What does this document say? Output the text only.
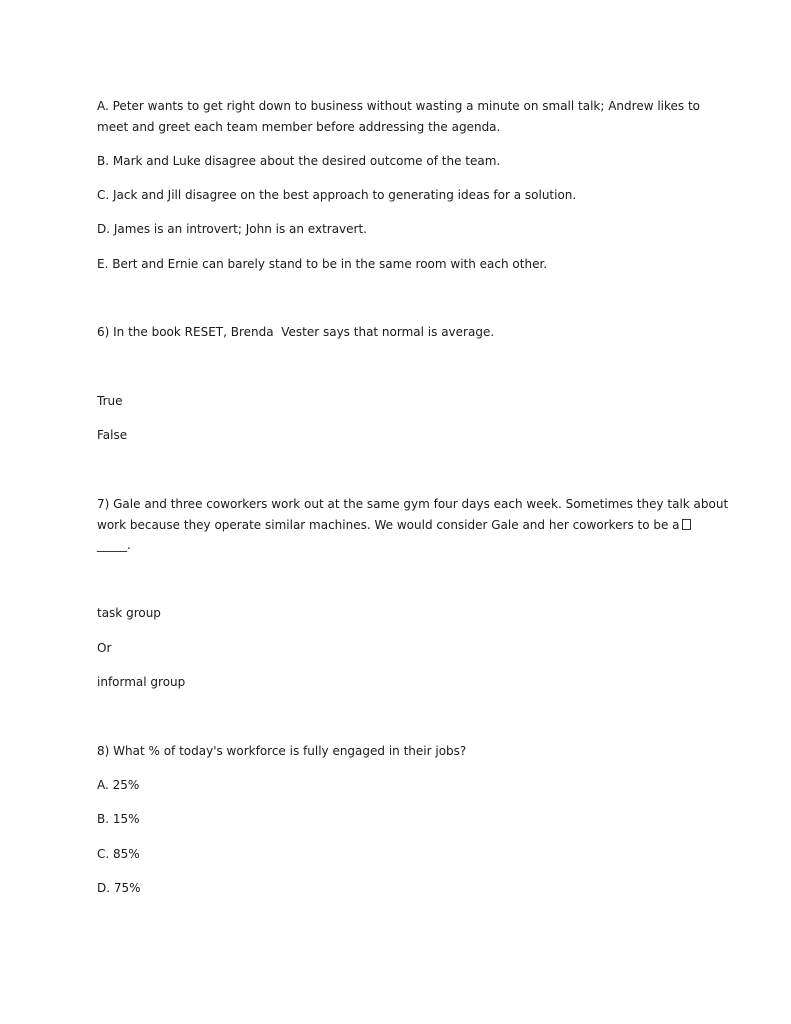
A. Peter wants to get right down to business without wasting a minute on small talk; Andrew likes to
meet and greet each team member before addressing the agenda.
B. Mark and Luke disagree about the desired outcome of the team.
C. Jack and Jill disagree on the best approach to generating ideas for a solution.
D. James is an introvert; John is an extravert.
E. Bert and Ernie can barely stand to be in the same room with each other.
6) In the book RESET, Brenda  Vester says that normal is average.
True
False
7) Gale and three coworkers work out at the same gym four days each week. Sometimes they talk about
work because they operate similar machines. We would consider Gale and her coworkers to be a
_____.
task group
Or
informal group
8) What % of today's workforce is fully engaged in their jobs?
A. 25%
B. 15%
C. 85%
D. 75%
